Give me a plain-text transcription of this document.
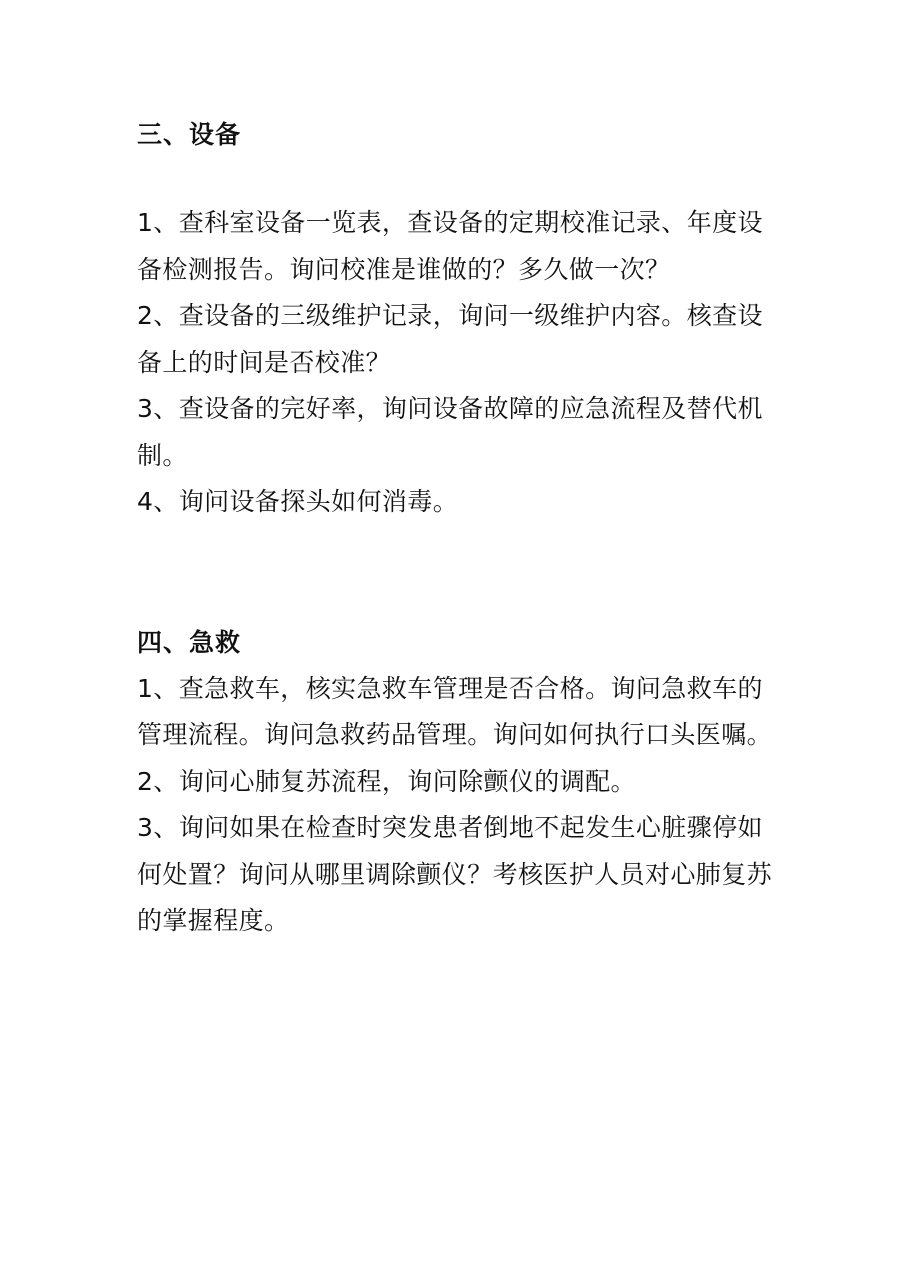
三、设备

1、查科室设备一览表，查设备的定期校准记录、年度设备检测报告。询问校准是谁做的？多久做一次？

2、查设备的三级维护记录，询问一级维护内容。核查设备上的时间是否校准？

3、查设备的完好率，询问设备故障的应急流程及替代机制。

4、询问设备探头如何消毒。

四、急救

1、查急救车，核实急救车管理是否合格。询问急救车的管理流程。询问急救药品管理。询问如何执行口头医嘱。

2、询问心肺复苏流程，询问除颤仪的调配。

3、询问如果在检查时突发患者倒地不起发生心脏骤停如何处置？询问从哪里调除颤仪？考核医护人员对心肺复苏的掌握程度。
